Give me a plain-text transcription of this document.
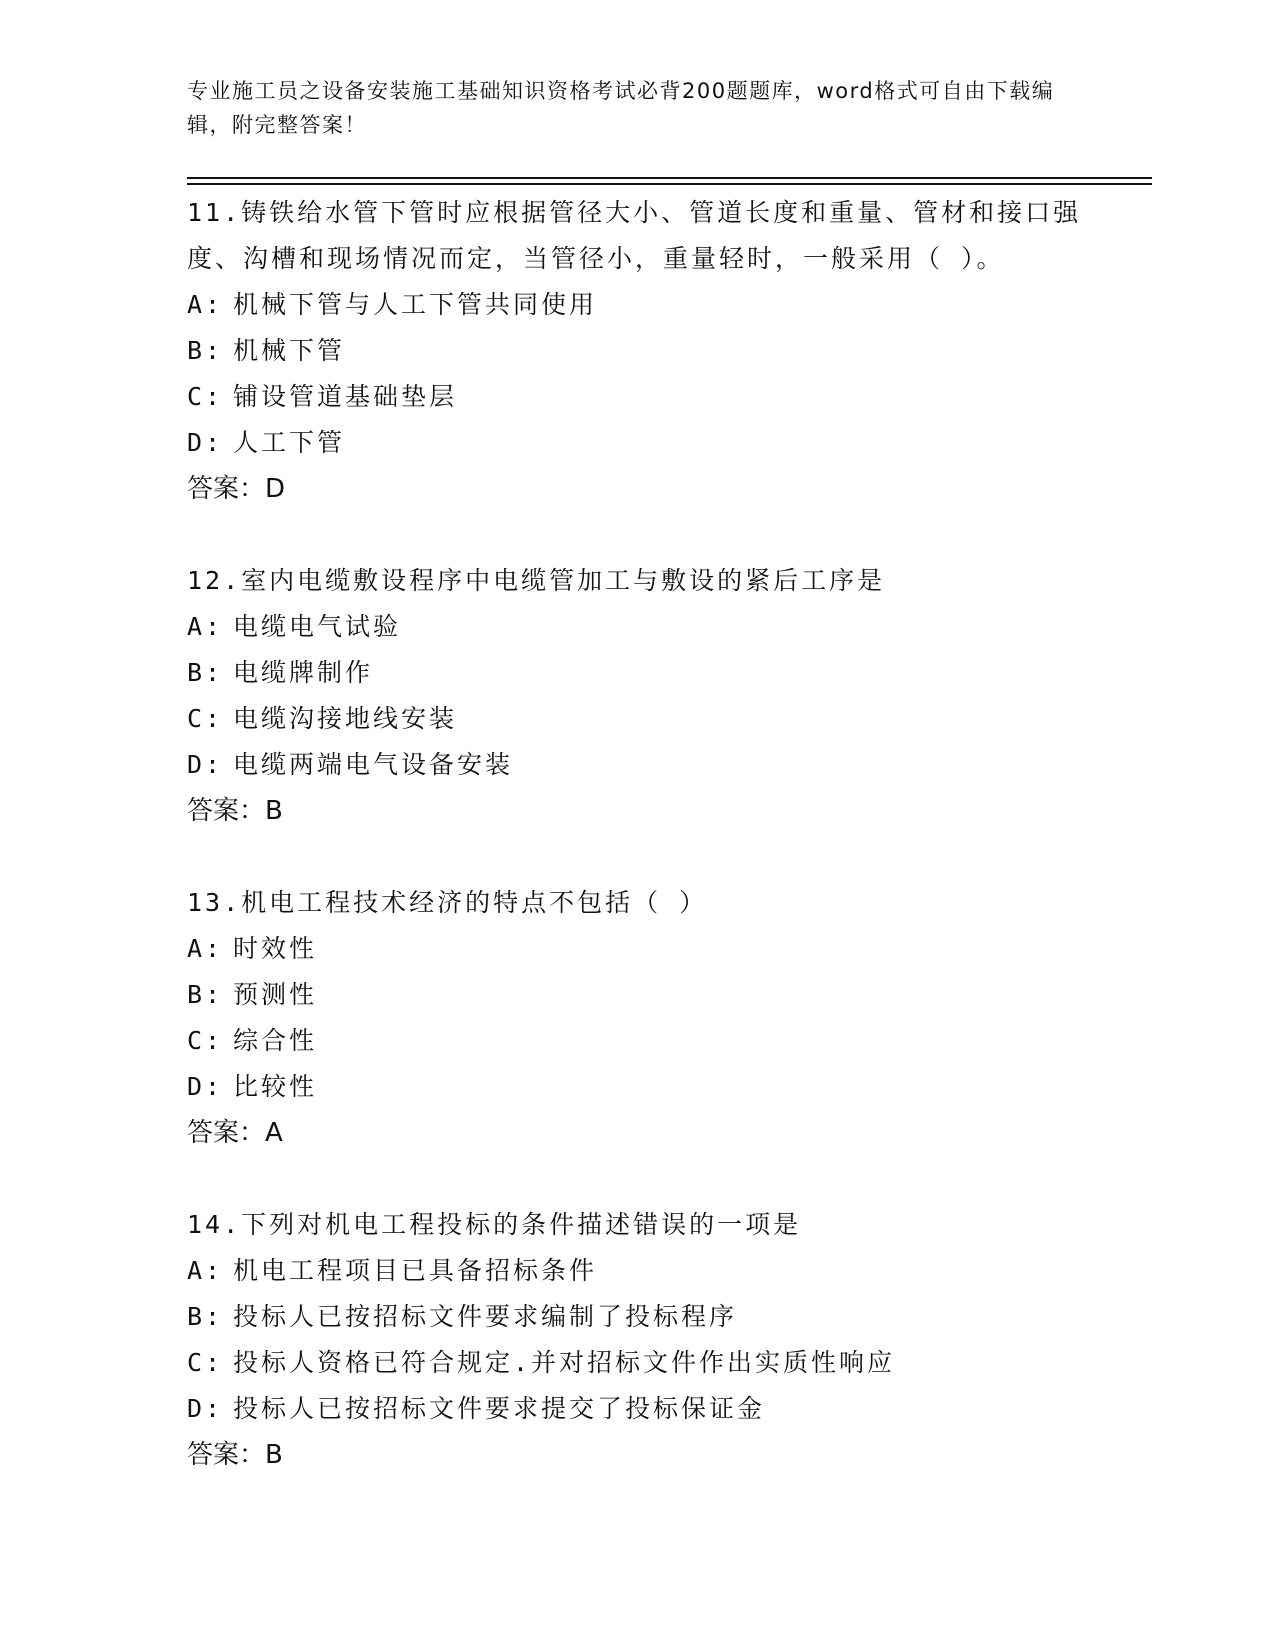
专业施工员之设备安装施工基础知识资格考试必背200题题库，word格式可自由下载编辑，附完整答案！

11.铸铁给水管下管时应根据管径大小、管道长度和重量、管材和接口强度、沟槽和现场情况而定，当管径小，重量轻时，一般采用（ ）。

A: 机械下管与人工下管共同使用
B: 机械下管
C: 铺设管道基础垫层
D: 人工下管
答案：D

12.室内电缆敷设程序中电缆管加工与敷设的紧后工序是

A: 电缆电气试验
B: 电缆牌制作
C: 电缆沟接地线安装
D: 电缆两端电气设备安装
答案：B

13.机电工程技术经济的特点不包括（ ）

A: 时效性
B: 预测性
C: 综合性
D: 比较性
答案：A

14.下列对机电工程投标的条件描述错误的一项是

A: 机电工程项目已具备招标条件
B: 投标人已按招标文件要求编制了投标程序
C: 投标人资格已符合规定.并对招标文件作出实质性响应
D: 投标人已按招标文件要求提交了投标保证金
答案：B
